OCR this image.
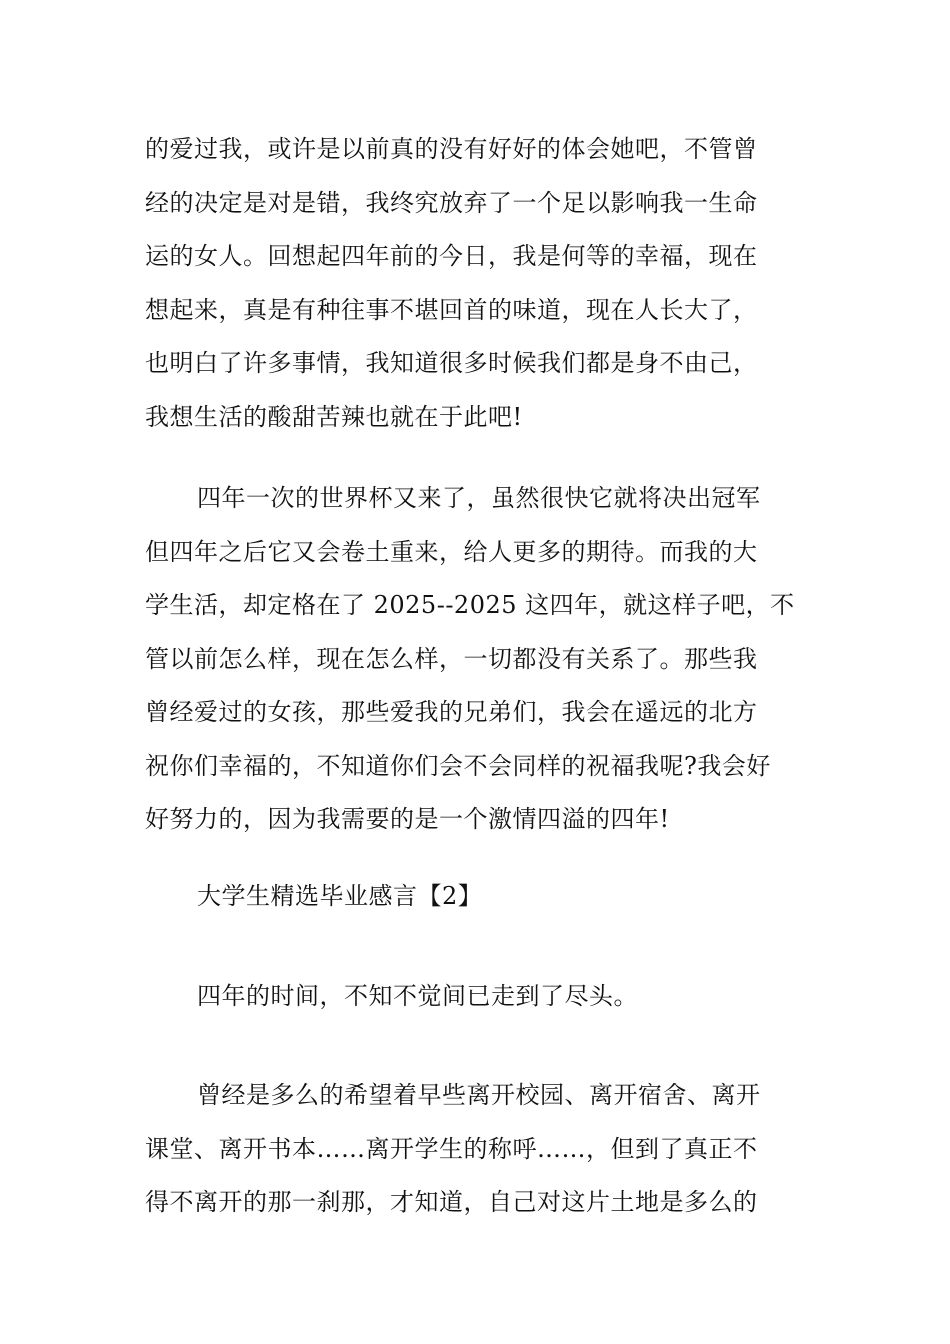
的爱过我，或许是以前真的没有好好的体会她吧，不管曾
经的决定是对是错，我终究放弃了一个足以影响我一生命
运的女人。回想起四年前的今日，我是何等的幸福，现在
想起来，真是有种往事不堪回首的味道，现在人长大了，
也明白了许多事情，我知道很多时候我们都是身不由己，
我想生活的酸甜苦辣也就在于此吧!
四年一次的世界杯又来了，虽然很快它就将决出冠军
但四年之后它又会卷土重来，给人更多的期待。而我的大
学生活，却定格在了 2025--2025 这四年，就这样子吧，不
管以前怎么样，现在怎么样，一切都没有关系了。那些我
曾经爱过的女孩，那些爱我的兄弟们，我会在遥远的北方
祝你们幸福的，不知道你们会不会同样的祝福我呢?我会好
好努力的，因为我需要的是一个激情四溢的四年!
大学生精选毕业感言【2】
四年的时间，不知不觉间已走到了尽头。
曾经是多么的希望着早些离开校园、离开宿舍、离开
课堂、离开书本……离开学生的称呼……，但到了真正不
得不离开的那一刹那，才知道，自己对这片土地是多么的
